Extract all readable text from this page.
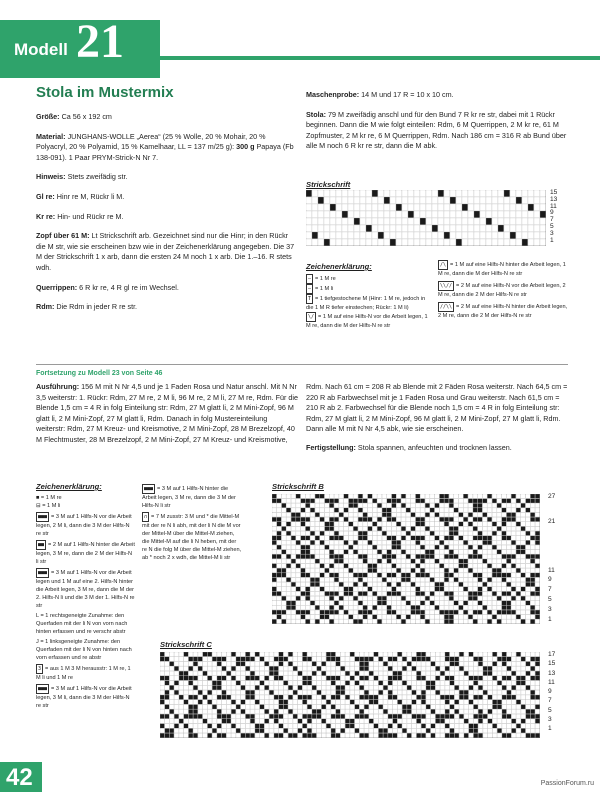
Modell 21
Stola im Mustermix

Größe: Ca 56 x 192 cm

Material: JUNGHANS-WOLLE „Aerea“ (25 % Wolle, 20 % Mohair, 20 % Polyacryl, 20 % Polyamid, 15 % Kamelhaar, LL = 137 m/25 g): 300 g Papaya (Fb 138-091). 1 Paar PRYM-Strick-N Nr 7.

Hinweis: Stets zweifädig str.

Gl re: Hinr re M, Rückr li M.

Kr re: Hin- und Rückr re M.

Zopf über 61 M: Lt Strickschrift arb. Gezeichnet sind nur die Hinr; in den Rückr die M str, wie sie erscheinen bzw wie in der Zeichenerklärung angegeben. Die 37 M der Strickschrift 1 x arb, dann die ersten 24 M noch 1 x arb. Die 1.–16. R stets wdh.

Querrippen: 6 R kr re, 4 R gl re im Wechsel.

Rdm: Die Rdm in jeder R re str.

Maschenprobe: 14 M und 17 R = 10 x 10 cm.

Stola: 79 M zweifädig anschl und für den Bund 7 R kr re str, dabei mit 1 Rückr beginnen. Dann die M wie folgt einteilen: Rdm, 6 M Querrippen, 2 M kr re, 61 M Zopfmuster, 2 M kr re, 6 M Querrippen, Rdm. Nach 186 cm = 316 R ab Bund über alle M noch 6 R kr re str, dann die M abk.

Strickschrift
15
13
11
9
7
5
3
1
Zeichenerklärung:
– = 1 M re
– = 1 M li
T = 1 tiefgestochene M (Hinr: 1 M re, jedoch in die 1 M R tiefer einstechen; Rückr: 1 M li)
\/ = 1 M auf eine Hilfs-N vor die Arbeit legen, 1 M re, dann die M der Hilfs-N re str
/\ = 1 M auf eine Hilfs-N hinter die Arbeit legen, 1 M re, dann die M der Hilfs-N re str
\\// = 2 M auf eine Hilfs-N vor die Arbeit legen, 2 M re, dann die 2 M der Hilfs-N re str
//\\ = 2 M auf eine Hilfs-N hinter die Arbeit legen, 2 M re, dann die 2 M der Hilfs-N re str
Fortsetzung zu Modell 23 von Seite 46
Ausführung: 156 M mit N Nr 4,5 und je 1 Faden Rosa und Natur anschl. Mit N Nr 3,5 weiterstr: 1. Rückr: Rdm, 27 M re, 2 M li, 96 M re, 2 M li, 27 M re, Rdm. Für die Blende 1,5 cm = 4 R in folg Einteilung str: Rdm, 27 M glatt li, 2 M Mini-Zopf, 96 M glatt li, 2 M Mini-Zopf, 27 M glatt li, Rdm. Danach in folg Mustereinteilung weiterstr: Rdm, 27 M Kreuz- und Kreismotive, 2 M Mini-Zopf, 28 M Brezelzopf, 40 M Flechtmuster, 28 M Brezelzopf, 2 M Mini-Zopf, 27 M Kreuz- und Kreismotive,

Rdm. Nach 61 cm = 208 R ab Blende mit 2 Fäden Rosa weiterstr. Nach 64,5 cm = 220 R ab Farbwechsel mit je 1 Faden Rosa und Grau weiterstr. Nach 61,5 cm = 210 R ab 2. Farbwechsel für die Blende noch 1,5 cm = 4 R in folg Einteilung str: Rdm, 27 M glatt li, 2 M Mini-Zopf, 96 M glatt li, 2 M Mini-Zopf, 27 M glatt li, Rdm. Dann alle M mit N Nr 4,5 abk, wie sie erscheinen.

Fertigstellung: Stola spannen, anfeuchten und trocknen lassen.

Zeichenerklärung:
■ = 1 M re
⊟ = 1 M li
■■■ = 3 M auf 1 Hilfs-N vor die Arbeit legen, 2 M li, dann die 3 M der Hilfs-N re str
■■ = 2 M auf 1 Hilfs-N hinter die Arbeit legen, 3 M re, dann die 2 M der Hilfs-N li str
■■■ = 3 M auf 1 Hilfs-N vor die Arbeit legen und 1 M auf eine 2. Hilfs-N hinter die Arbeit legen, 3 M re, dann die M der 2. Hilfs-N li und die 3 M der 1. Hilfs-N re str
L = 1 rechtsgeneigte Zunahme: den Querfaden mit der li N von vorn nach hinten erfassen und re verschr abstr
J = 1 linksgeneigte Zunahme: den Querfaden mit der li N von hinten nach vorn erfassen und re abstr
3 = aus 1 M 3 M herausstr: 1 M re, 1 M li und 1 M re
■■■ = 3 M auf 1 Hilfs-N vor die Arbeit legen, 3 M li, dann die 3 M der Hilfs-N re str
■■■ = 3 M auf 1 Hilfs-N hinter die Arbeit legen, 3 M re, dann die 3 M der Hilfs-N li str
∩ = 7 M zusstr: 3 M und * die Mittel-M mit der re N li abh, mit der li N die M vor der Mittel-M über die Mittel-M ziehen, die Mittel-M auf die li N heben, mit der re N die folg M über die Mittel-M ziehen, ab * noch 2 x wdh, die Mittel-M li str
Strickschrift B
27
21
11
9
7
5
3
1
Strickschrift C
17
15
13
11
9
7
5
3
1
42	PassionForum.ru
